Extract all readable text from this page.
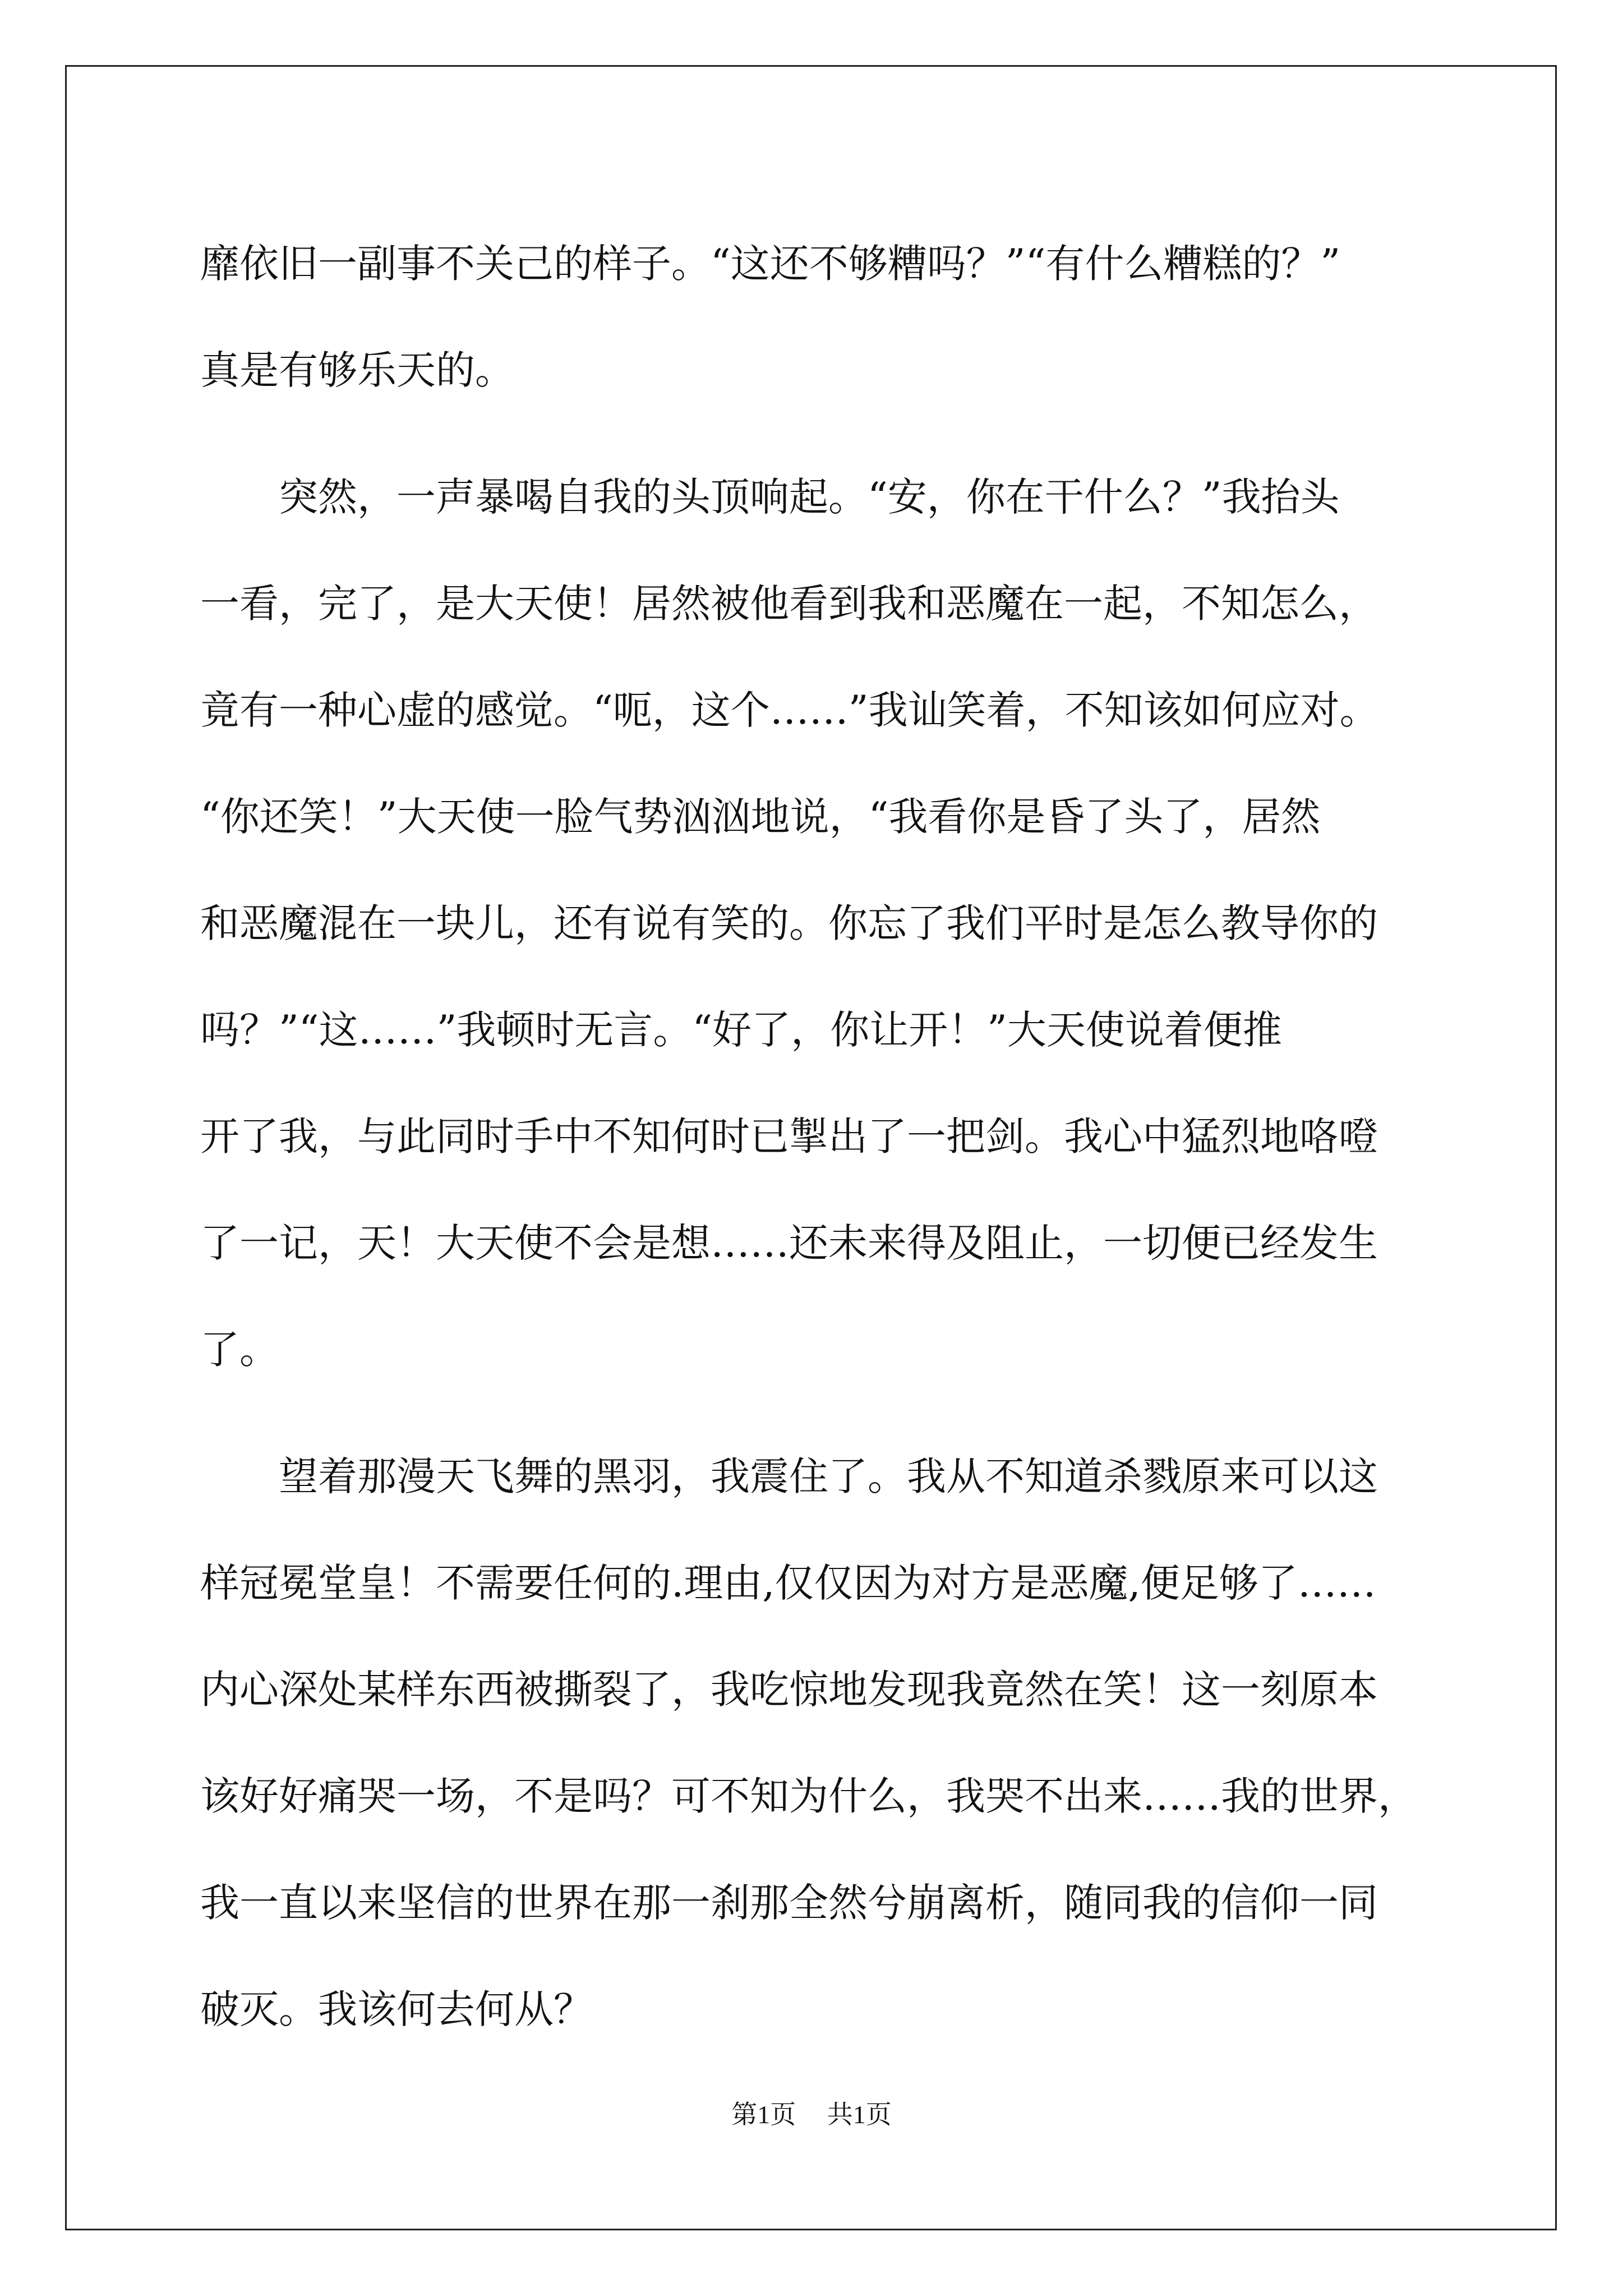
靡依旧一副事不关己的样子。“这还不够糟吗？”“有什么糟糕的？”
真是有够乐天的。
　　突然，一声暴喝自我的头顶响起。“安，你在干什么？”我抬头
一看，完了，是大天使！居然被他看到我和恶魔在一起，不知怎么，
竟有一种心虚的感觉。“呃，这个……”我讪笑着，不知该如何应对。
“你还笑！”大天使一脸气势汹汹地说，“我看你是昏了头了，居然
和恶魔混在一块儿，还有说有笑的。你忘了我们平时是怎么教导你的
吗？”“这……”我顿时无言。“好了，你让开！”大天使说着便推
开了我，与此同时手中不知何时已掣出了一把剑。我心中猛烈地咯噔
了一记，天！大天使不会是想……还未来得及阻止，一切便已经发生
了。
　　望着那漫天飞舞的黑羽，我震住了。我从不知道杀戮原来可以这
样冠冕堂皇！不需要任何的.理由,仅仅因为对方是恶魔,便足够了……
内心深处某样东西被撕裂了，我吃惊地发现我竟然在笑！这一刻原本
该好好痛哭一场，不是吗？可不知为什么，我哭不出来……我的世界，
我一直以来坚信的世界在那一刹那全然兮崩离析，随同我的信仰一同
破灭。我该何去何从？
第1页 共1页
